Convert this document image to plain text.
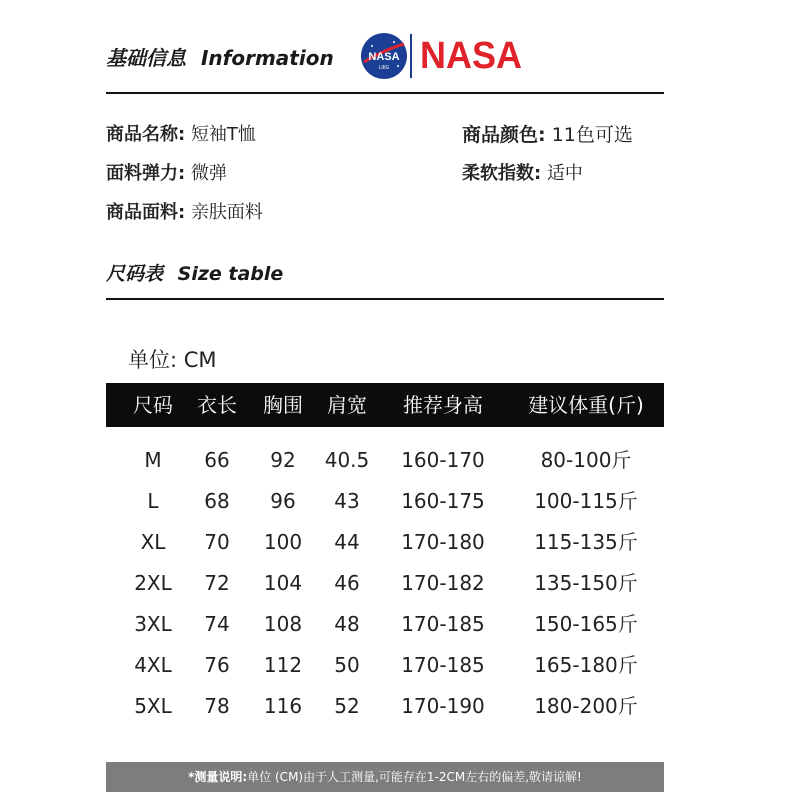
基础信息 Information	NASA
LIKE NASA
商品名称: 短袖T恤	商品颜色: 11色可选
面料弹力: 微弹	柔软指数: 适中
商品面料: 亲肤面料
尺码表 Size table
单位: CM
尺码	衣长	胸围	肩宽	推荐身高	建议体重(斤)
M	66	92	40.5	160-170	80-100斤
L	68	96	43	160-175	100-115斤
XL	70	100	44	170-180	115-135斤
2XL	72	104	46	170-182	135-150斤
3XL	74	108	48	170-185	150-165斤
4XL	76	112	50	170-185	165-180斤
5XL	78	116	52	170-190	180-200斤
*测量说明:单位 (CM)由于人工测量,可能存在1-2CM左右的偏差,敬请谅解!
